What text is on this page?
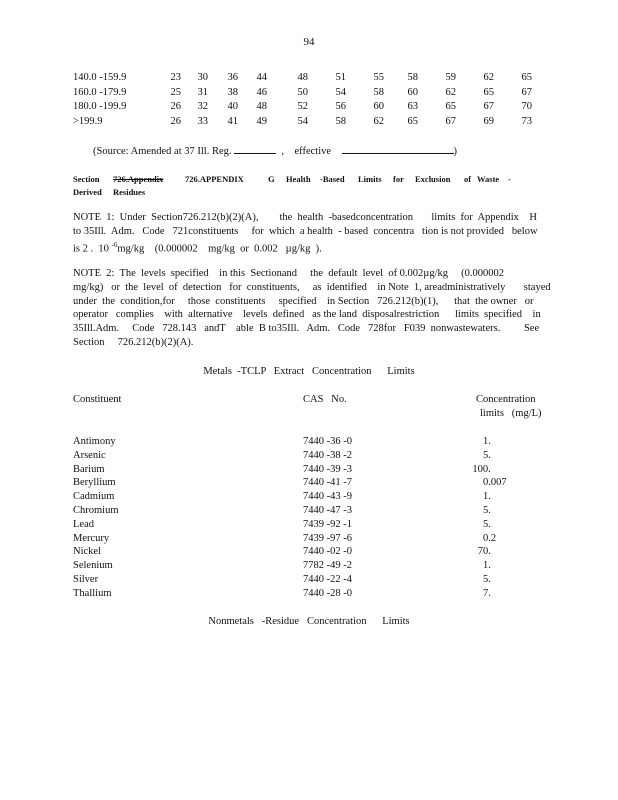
94
140.0 -159.9	23	30	36	44	48	51	55	58	59	62	65
160.0 -179.9	25	31	38	46	50	54	58	60	62	65	67
180.0 -199.9	26	32	40	48	52	56	60	63	65	67	70
>199.9	26	33	41	49	54	58	62	65	67	69	73
(Source: Amended at 37 Ill. Reg.	,    effective	)
Section 726.Appendix	726.APPENDIX	G Health -Based Limits for Exclusion of Waste -
Derived Residues
NOTE  1:  Under  Section726.212(b)(2)(A),        the  health  -basedconcentration       limits  for  Appendix    H
to 35Ill.  Adm.   Code   721constituents     for  which  a health  - based  concentra   tion is not provided   below
is 2 .  10 $^{-6}$mg/kg    (0.000002    mg/kg  or  0.002   µg/kg  ).
NOTE  2:  The  levels  specified    in this  Sectionand     the  default  level  of 0.002µg/kg     (0.000002
mg/kg)   or  the  level  of  detection   for  constituents,     as  identified    in Note  1, areadministratively       stayed
under  the  condition,for     those  constituents     specified    in Section   726.212(b)(1),      that  the owner   or
operator   complies    with  alternative    levels  defined   as the land  disposalrestriction      limits  specified    in
35Ill.Adm.     Code   728.143   andT    able  B to35Ill.   Adm.   Code   728for   F039  nonwastewaters.         See
Section     726.212(b)(2)(A).
Metals  -TCLP   Extract   Concentration      Limits
Constituent	CAS   No.	Concentration
limits   (mg/L)
Antimony	7440 -36 -0	1.
Arsenic	7440 -38 -2	5.
Barium	7440 -39 -3	100.
Beryllium	7440 -41 -7	0.007
Cadmium	7440 -43 -9	1.
Chromium	7440 -47 -3	5.
Lead	7439 -92 -1	5.
Mercury	7439 -97 -6	0.2
Nickel	7440 -02 -0	70.
Selenium	7782 -49 -2	1.
Silver	7440 -22 -4	5.
Thallium	7440 -28 -0	7.
Nonmetals   -Residue   Concentration      Limits
